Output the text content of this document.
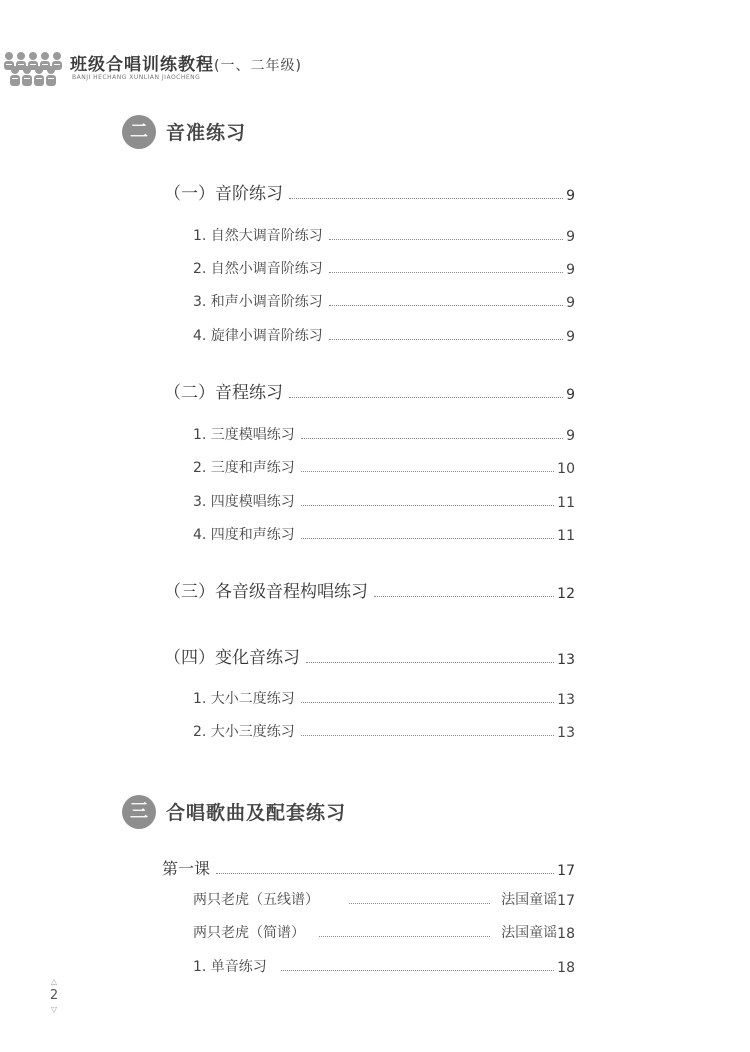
班级合唱训练教程(一、二年级)
BANJI HECHANG XUNLIAN JIAOCHENG
二 音准练习
（一）音阶练习	9
1. 自然大调音阶练习	9
2. 自然小调音阶练习	9
3. 和声小调音阶练习	9
4. 旋律小调音阶练习	9
（二）音程练习	9
1. 三度模唱练习	9
2. 三度和声练习	10
3. 四度模唱练习	11
4. 四度和声练习	11
（三）各音级音程构唱练习	12
（四）变化音练习	13
1. 大小二度练习	13
2. 大小三度练习	13
三 合唱歌曲及配套练习
第一课	17
两只老虎（五线谱）	法国童谣 17
两只老虎（简谱）	法国童谣 18
1. 单音练习	18
△
2
▽
